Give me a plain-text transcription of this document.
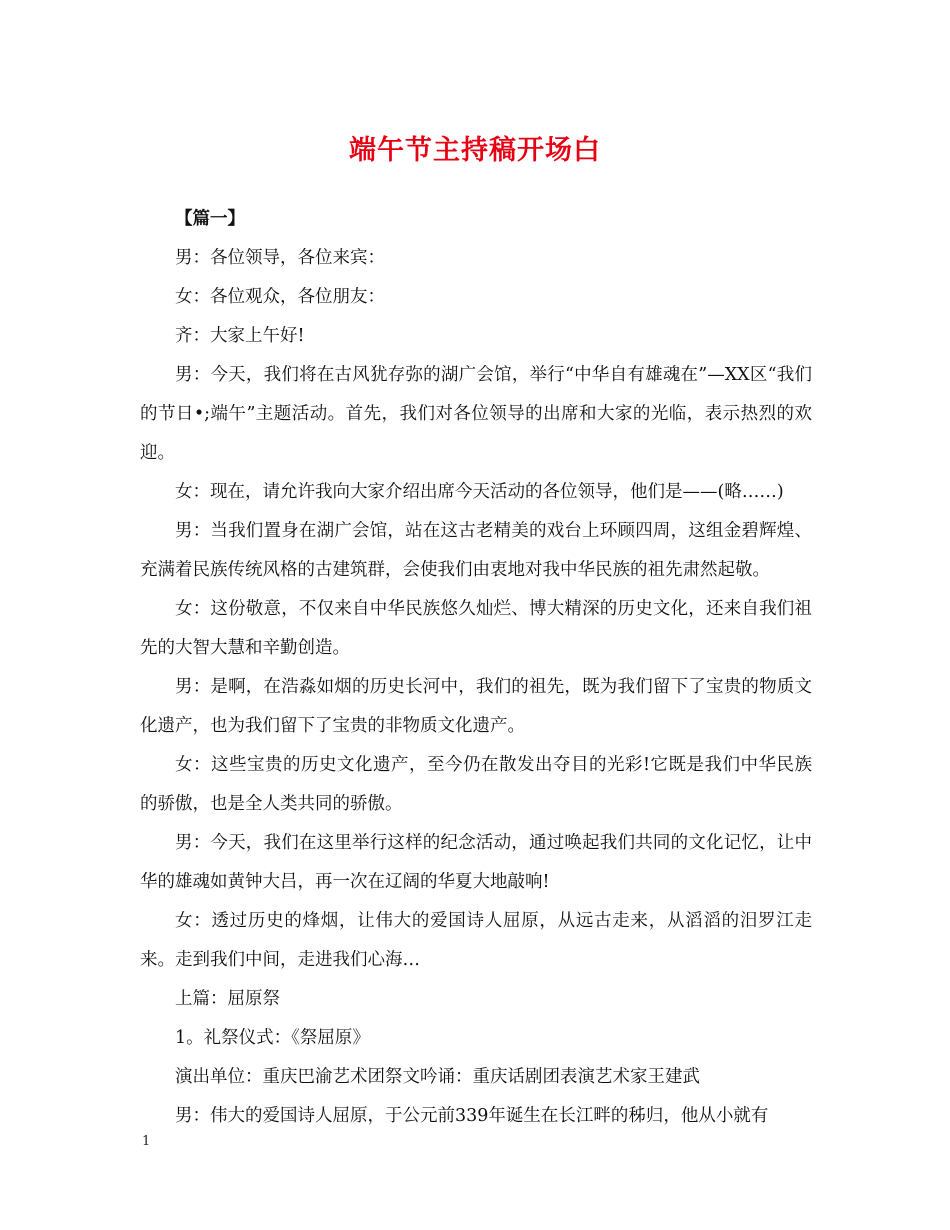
端午节主持稿开场白

【篇一】

男：各位领导，各位来宾：

女：各位观众，各位朋友：

齐：大家上午好!

男：今天，我们将在古风犹存弥的湖广会馆，举行“中华自有雄魂在”—XX区“我们的节日•;端午”主题活动。首先，我们对各位领导的出席和大家的光临，表示热烈的欢迎。

女：现在，请允许我向大家介绍出席今天活动的各位领导，他们是——(略……)

男：当我们置身在湖广会馆，站在这古老精美的戏台上环顾四周，这组金碧辉煌、充满着民族传统风格的古建筑群，会使我们由衷地对我中华民族的祖先肃然起敬。

女：这份敬意，不仅来自中华民族悠久灿烂、博大精深的历史文化，还来自我们祖先的大智大慧和辛勤创造。

男：是啊，在浩淼如烟的历史长河中，我们的祖先，既为我们留下了宝贵的物质文化遗产，也为我们留下了宝贵的非物质文化遗产。

女：这些宝贵的历史文化遗产，至今仍在散发出夺目的光彩!它既是我们中华民族的骄傲，也是全人类共同的骄傲。

男：今天，我们在这里举行这样的纪念活动，通过唤起我们共同的文化记忆，让中华的雄魂如黄钟大吕，再一次在辽阔的华夏大地敲响!

女：透过历史的烽烟，让伟大的爱国诗人屈原，从远古走来，从滔滔的汨罗江走来。走到我们中间，走进我们心海…

上篇：屈原祭

1。礼祭仪式：《祭屈原》

演出单位：重庆巴渝艺术团祭文吟诵：重庆话剧团表演艺术家王建武

男：伟大的爱国诗人屈原，于公元前339年诞生在长江畔的秭归，他从小就有

1
